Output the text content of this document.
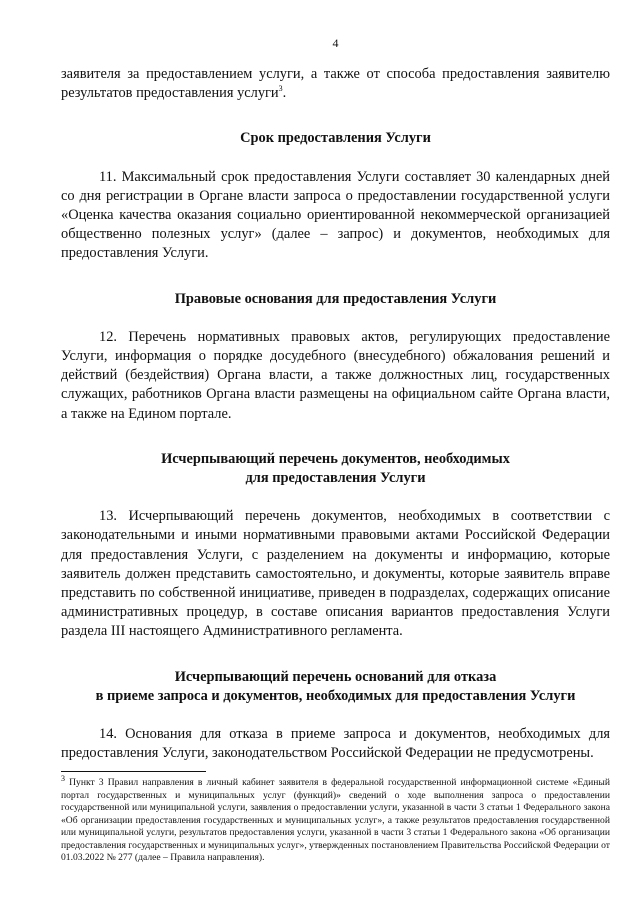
4

заявителя за предоставлением услуги, а также от способа предоставления заявителю результатов предоставления услуги$^3$.

Срок предоставления Услуги

11. Максимальный срок предоставления Услуги составляет 30 календарных дней со дня регистрации в Органе власти запроса о предоставлении государственной услуги «Оценка качества оказания социально ориентированной некоммерческой организацией общественно полезных услуг» (далее – запрос) и документов, необходимых для предоставления Услуги.

Правовые основания для предоставления Услуги

12. Перечень нормативных правовых актов, регулирующих предоставление Услуги, информация о порядке досудебного (внесудебного) обжалования решений и действий (бездействия) Органа власти, а также должностных лиц, государственных служащих, работников Органа власти размещены на официальном сайте Органа власти, а также на Едином портале.

Исчерпывающий перечень документов, необходимых
для предоставления Услуги

13. Исчерпывающий перечень документов, необходимых в соответствии с законодательными и иными нормативными правовыми актами Российской Федерации для предоставления Услуги, с разделением на документы и информацию, которые заявитель должен представить самостоятельно, и документы, которые заявитель вправе представить по собственной инициативе, приведен в подразделах, содержащих описание административных процедур, в составе описания вариантов предоставления Услуги раздела III настоящего Административного регламента.

Исчерпывающий перечень оснований для отказа
в приеме запроса и документов, необходимых для предоставления Услуги

14. Основания для отказа в приеме запроса и документов, необходимых для предоставления Услуги, законодательством Российской Федерации не предусмотрены.

$^3$ Пункт 3 Правил направления в личный кабинет заявителя в федеральной государственной информационной системе «Единый портал государственных и муниципальных услуг (функций)» сведений о ходе выполнения запроса о предоставлении государственной или муниципальной услуги, заявления о предоставлении услуги, указанной в части 3 статьи 1 Федерального закона «Об организации предоставления государственных и муниципальных услуг», а также результатов предоставления государственной или муниципальной услуги, результатов предоставления услуги, указанной в части 3 статьи 1 Федерального закона «Об организации предоставления государственных и муниципальных услуг», утвержденных постановлением Правительства Российской Федерации от 01.03.2022 № 277 (далее – Правила направления).
